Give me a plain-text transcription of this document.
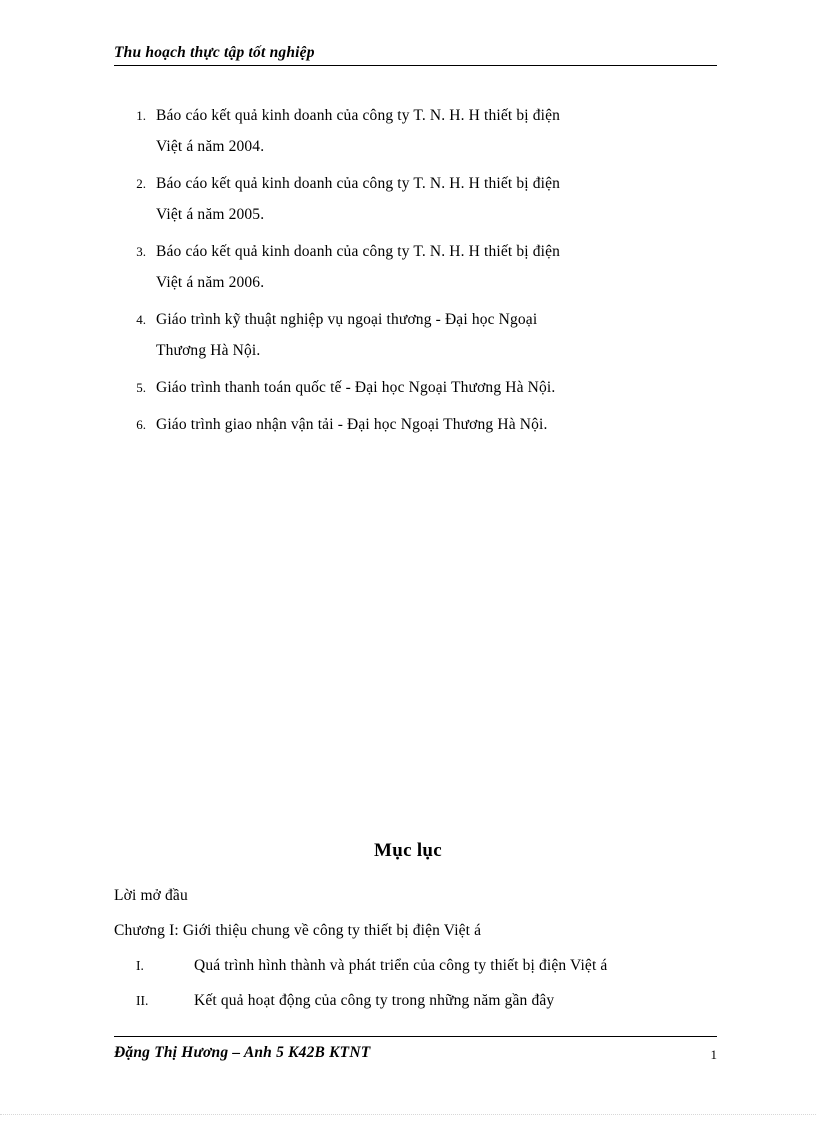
Thu hoạch thực tập tốt nghiệp
1. Báo cáo kết quả kinh doanh của công ty T. N. H. H thiết bị điện
Việt á năm 2004.
2. Báo cáo kết quả kinh doanh của công ty T. N. H. H thiết bị điện
Việt á năm 2005.
3. Báo cáo kết quả kinh doanh của công ty T. N. H. H thiết bị điện
Việt á năm 2006.
4. Giáo trình kỹ thuật nghiệp vụ ngoại thương - Đại học Ngoại
Thương Hà Nội.
5. Giáo trình thanh toán quốc tế - Đại học Ngoại Thương Hà Nội.
6. Giáo trình giao nhận vận tải - Đại học Ngoại Thương Hà Nội.
Mục lục
Lời mở đầu
Chương I: Giới thiệu chung về công ty thiết bị điện Việt á
I.	Quá trình hình thành và phát triển của công ty thiết bị điện Việt á
II.	Kết quả hoạt động của công ty trong những năm gần đây
Đặng Thị Hương – Anh 5 K42B KTNT	1
